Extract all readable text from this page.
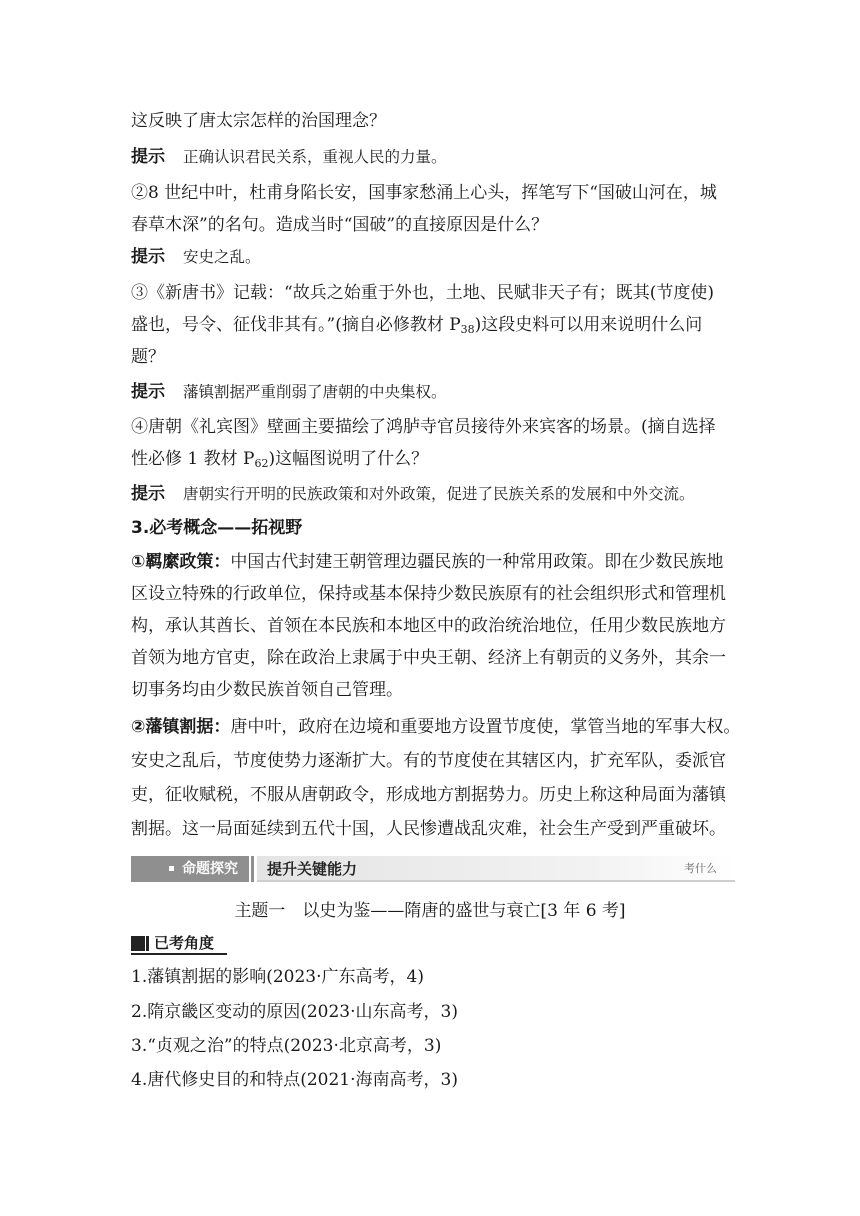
这反映了唐太宗怎样的治国理念？
提示 正确认识君民关系，重视人民的力量。
②8 世纪中叶，杜甫身陷长安，国事家愁涌上心头，挥笔写下“国破山河在，城
春草木深”的名句。造成当时“国破”的直接原因是什么？
提示 安史之乱。
③《新唐书》记载：“故兵之始重于外也，土地、民赋非天子有；既其(节度使)
盛也，号令、征伐非其有。”(摘自必修教材 $P_{38}$)这段史料可以用来说明什么问
题？
提示 藩镇割据严重削弱了唐朝的中央集权。
④唐朝《礼宾图》壁画主要描绘了鸿胪寺官员接待外来宾客的场景。(摘自选择
性必修 1 教材 $P_{62}$)这幅图说明了什么？
提示 唐朝实行开明的民族政策和对外政策，促进了民族关系的发展和中外交流。
3.必考概念——拓视野
①羁縻政策：中国古代封建王朝管理边疆民族的一种常用政策。即在少数民族地
区设立特殊的行政单位，保持或基本保持少数民族原有的社会组织形式和管理机
构，承认其酋长、首领在本民族和本地区中的政治统治地位，任用少数民族地方
首领为地方官吏，除在政治上隶属于中央王朝、经济上有朝贡的义务外，其余一
切事务均由少数民族首领自己管理。
②藩镇割据：唐中叶，政府在边境和重要地方设置节度使，掌管当地的军事大权。
安史之乱后，节度使势力逐渐扩大。有的节度使在其辖区内，扩充军队，委派官
吏，征收赋税，不服从唐朝政令，形成地方割据势力。历史上称这种局面为藩镇
割据。这一局面延续到五代十国，人民惨遭战乱灾难，社会生产受到严重破坏。
命题探究	提升关键能力	考什么
主题一　以史为鉴——隋唐的盛世与衰亡[3 年 6 考]
已考角度
1.藩镇割据的影响(2023·广东高考，4)
2.隋京畿区变动的原因(2023·山东高考，3)
3.“贞观之治”的特点(2023·北京高考，3)
4.唐代修史目的和特点(2021·海南高考，3)
